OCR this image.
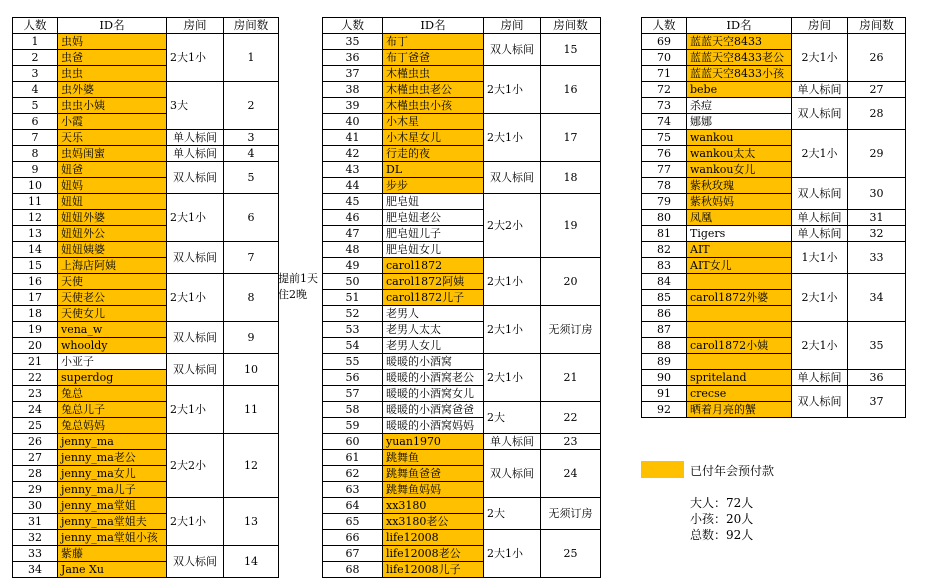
人数	ID名	房间	房间数
1	虫妈	2大1小	1
2	虫爸		
3	虫虫		
4	虫外婆	3大	2
5	虫虫小姨		
6	小霞		
7	天乐	单人标间	3
8	虫妈闺蜜	单人标间	4
9	妞爸	双人标间	5
10	妞妈		
11	妞妞	2大1小	6
12	妞妞外婆		
13	妞妞外公		
14	妞妞姨婆	双人标间	7
15	上海店阿姨		
16	天使	2大1小	8
17	天使老公		
18	天使女儿		
19	vena_w	双人标间	9
20	whooldy		
21	小亚子	双人标间	10
22	superdog		
23	兔总	2大1小	11
24	兔总儿子		
25	兔总妈妈		
26	jenny_ma	2大2小	12
27	jenny_ma老公		
28	jenny_ma女儿		
29	jenny_ma儿子		
30	jenny_ma堂姐	2大1小	13
31	jenny_ma堂姐夫		
32	jenny_ma堂姐小孩		
33	紫藤	双人标间	14
34	Jane Xu		
人数	ID名	房间	房间数
35	布丁	双人标间	15
36	布丁爸爸		
37	木槿虫虫	2大1小	16
38	木槿虫虫老公		
39	木槿虫虫小孩		
40	小木星	2大1小	17
41	小木星女儿		
42	行走的夜		
43	DL	双人标间	18
44	步步		
45	肥皂妞	2大2小	19
46	肥皂妞老公		
47	肥皂妞儿子		
48	肥皂妞女儿		
49	carol1872	2大1小	20
50	carol1872阿姨		
51	carol1872儿子		
52	老男人	2大1小	无须订房
53	老男人太太		
54	老男人女儿		
55	暖暖的小酒窝	2大1小	21
56	暖暖的小酒窝老公		
57	暖暖的小酒窝女儿		
58	暖暖的小酒窝爸爸	2大	22
59	暖暖的小酒窝妈妈		
60	yuan1970	单人标间	23
61	跳舞鱼	双人标间	24
62	跳舞鱼爸爸		
63	跳舞鱼妈妈		
64	xx3180	2大	无须订房
65	xx3180老公		
66	life12008	2大1小	25
67	life12008老公		
68	life12008儿子		
人数	ID名	房间	房间数
69	蓝蓝天空8433	2大1小	26
70	蓝蓝天空8433老公		
71	蓝蓝天空8433小孩		
72	bebe	单人标间	27
73	杀痘	双人标间	28
74	娜娜		
75	wankou	2大1小	29
76	wankou太太		
77	wankou女儿		
78	紫秋玫瑰	双人标间	30
79	紫秋妈妈		
80	凤凰	单人标间	31
81	Tigers	单人标间	32
82	AIT	1大1小	33
83	AIT女儿		
84		2大1小	34
85	carol1872外婆		
86			
87		2大1小	35
88	carol1872小姨		
89			
90	spriteland	单人标间	36
91	crecse	双人标间	37
92	晒着月亮的蟹		
提前1天住2晚
已付年会预付款
大人：72人
小孩：20人
总数：92人
